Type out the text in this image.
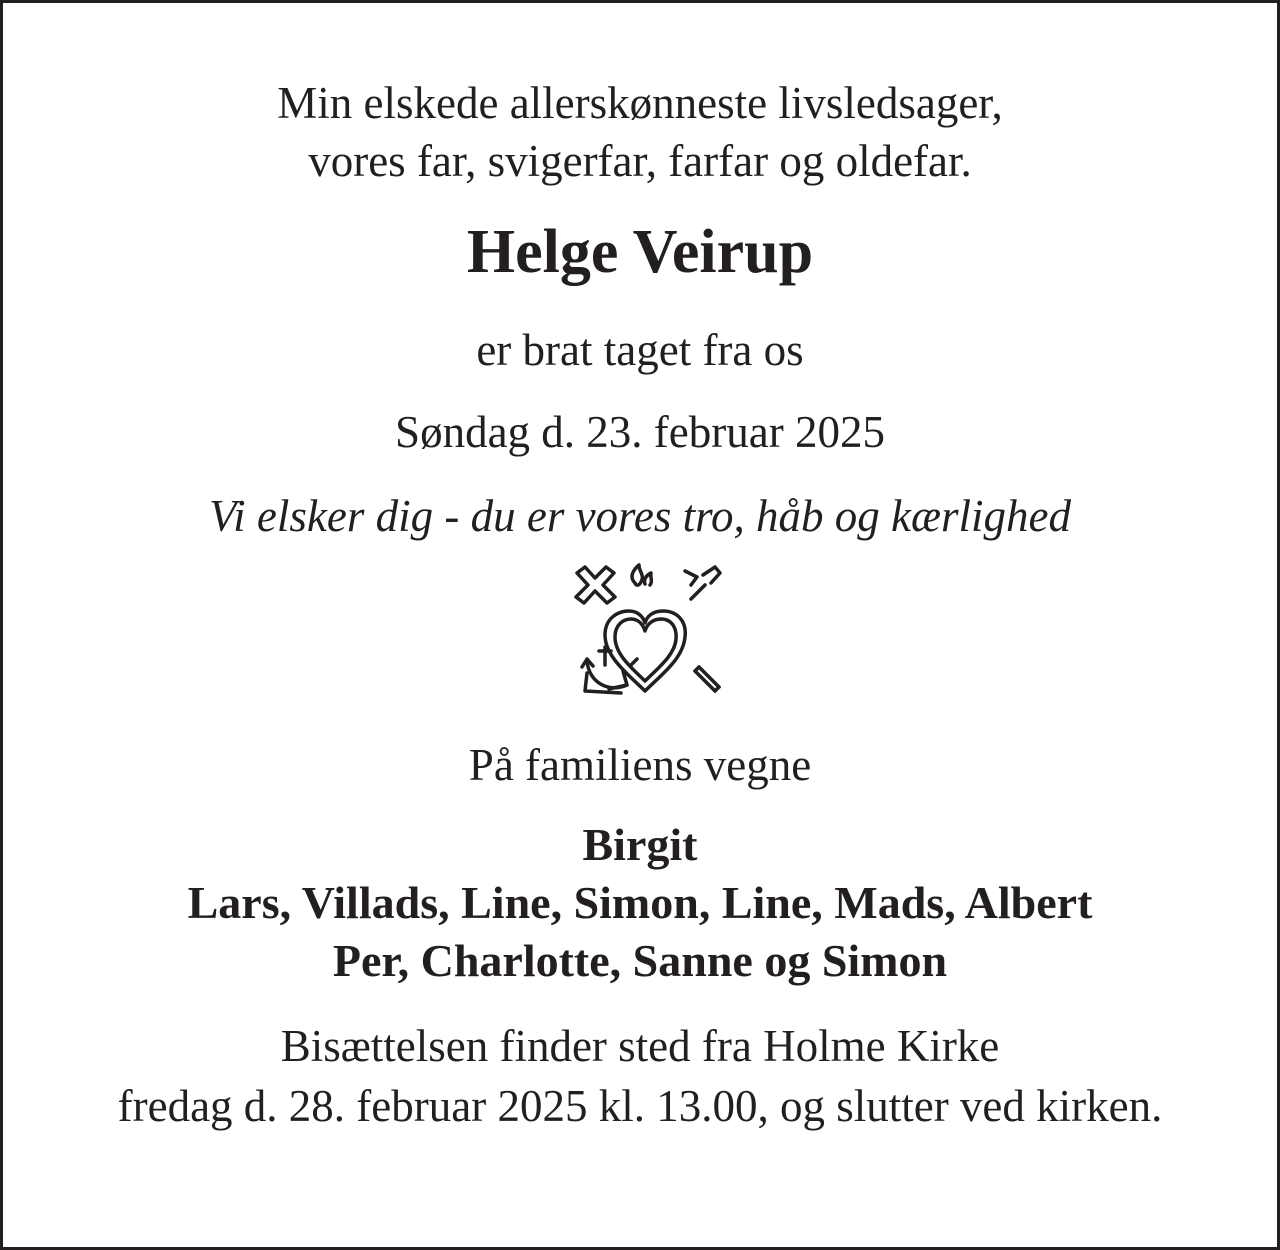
Min elskede allerskønneste livsledsager,
vores far, svigerfar, farfar og oldefar.
Helge Veirup
er brat taget fra os
Søndag d. 23. februar 2025
Vi elsker dig - du er vores tro, håb og kærlighed
På familiens vegne
Birgit
Lars, Villads, Line, Simon, Line, Mads, Albert
Per, Charlotte, Sanne og Simon
Bisættelsen finder sted fra Holme Kirke
fredag d. 28. februar 2025 kl. 13.00, og slutter ved kirken.
